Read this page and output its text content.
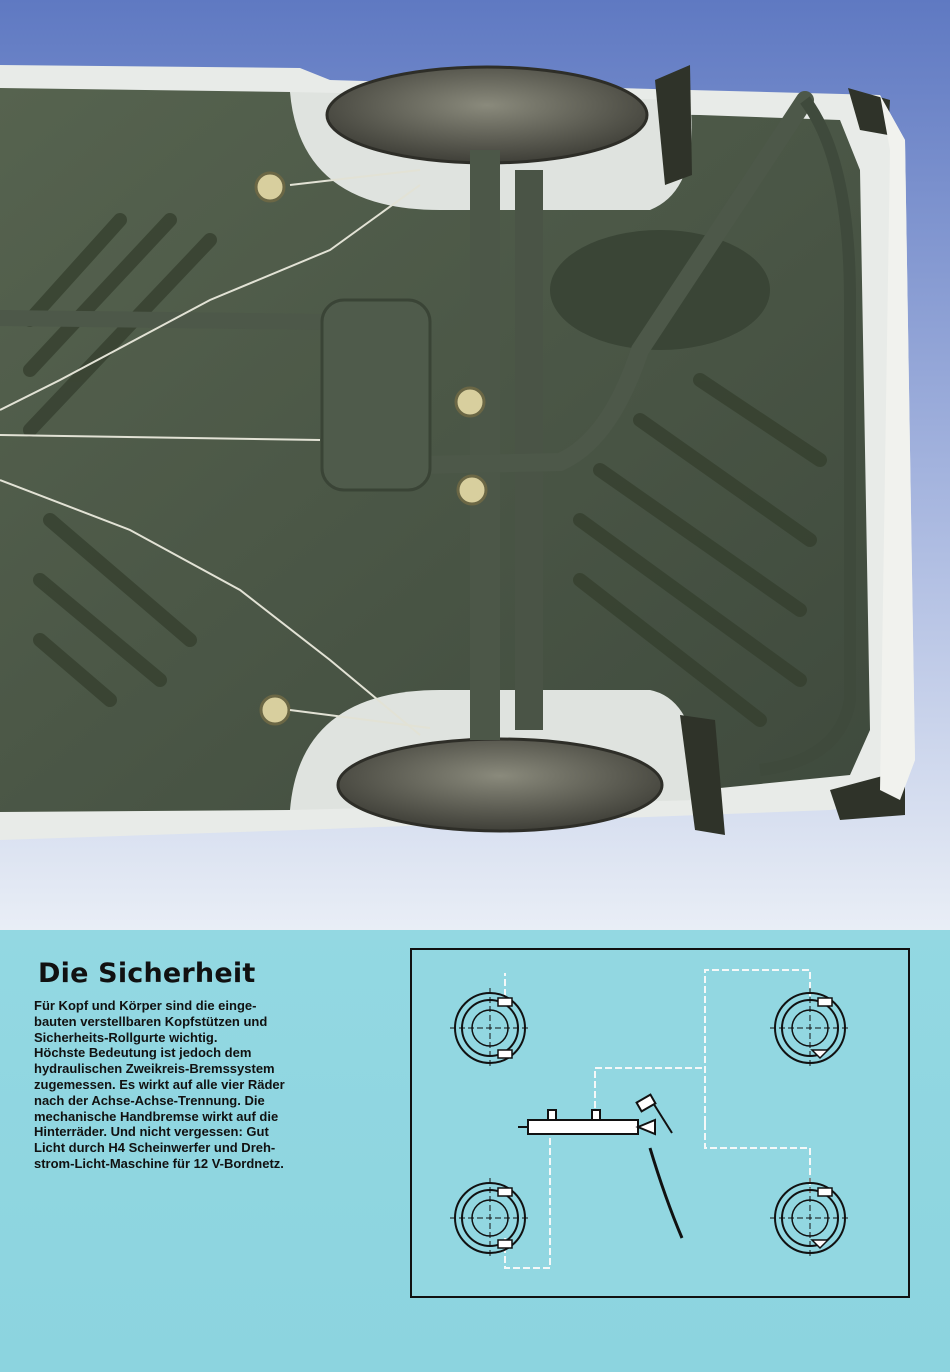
Die Sicherheit
Für Kopf und Körper sind die einge-
bauten verstellbaren Kopfstützen und
Sicherheits-Rollgurte wichtig.
Höchste Bedeutung ist jedoch dem
hydraulischen Zweikreis-Bremssystem
zugemessen. Es wirkt auf alle vier Räder
nach der Achse-Achse-Trennung. Die
mechanische Handbremse wirkt auf die
Hinterräder. Und nicht vergessen: Gut
Licht durch H4 Scheinwerfer und Dreh-
strom-Licht-Maschine für 12 V-Bordnetz.
